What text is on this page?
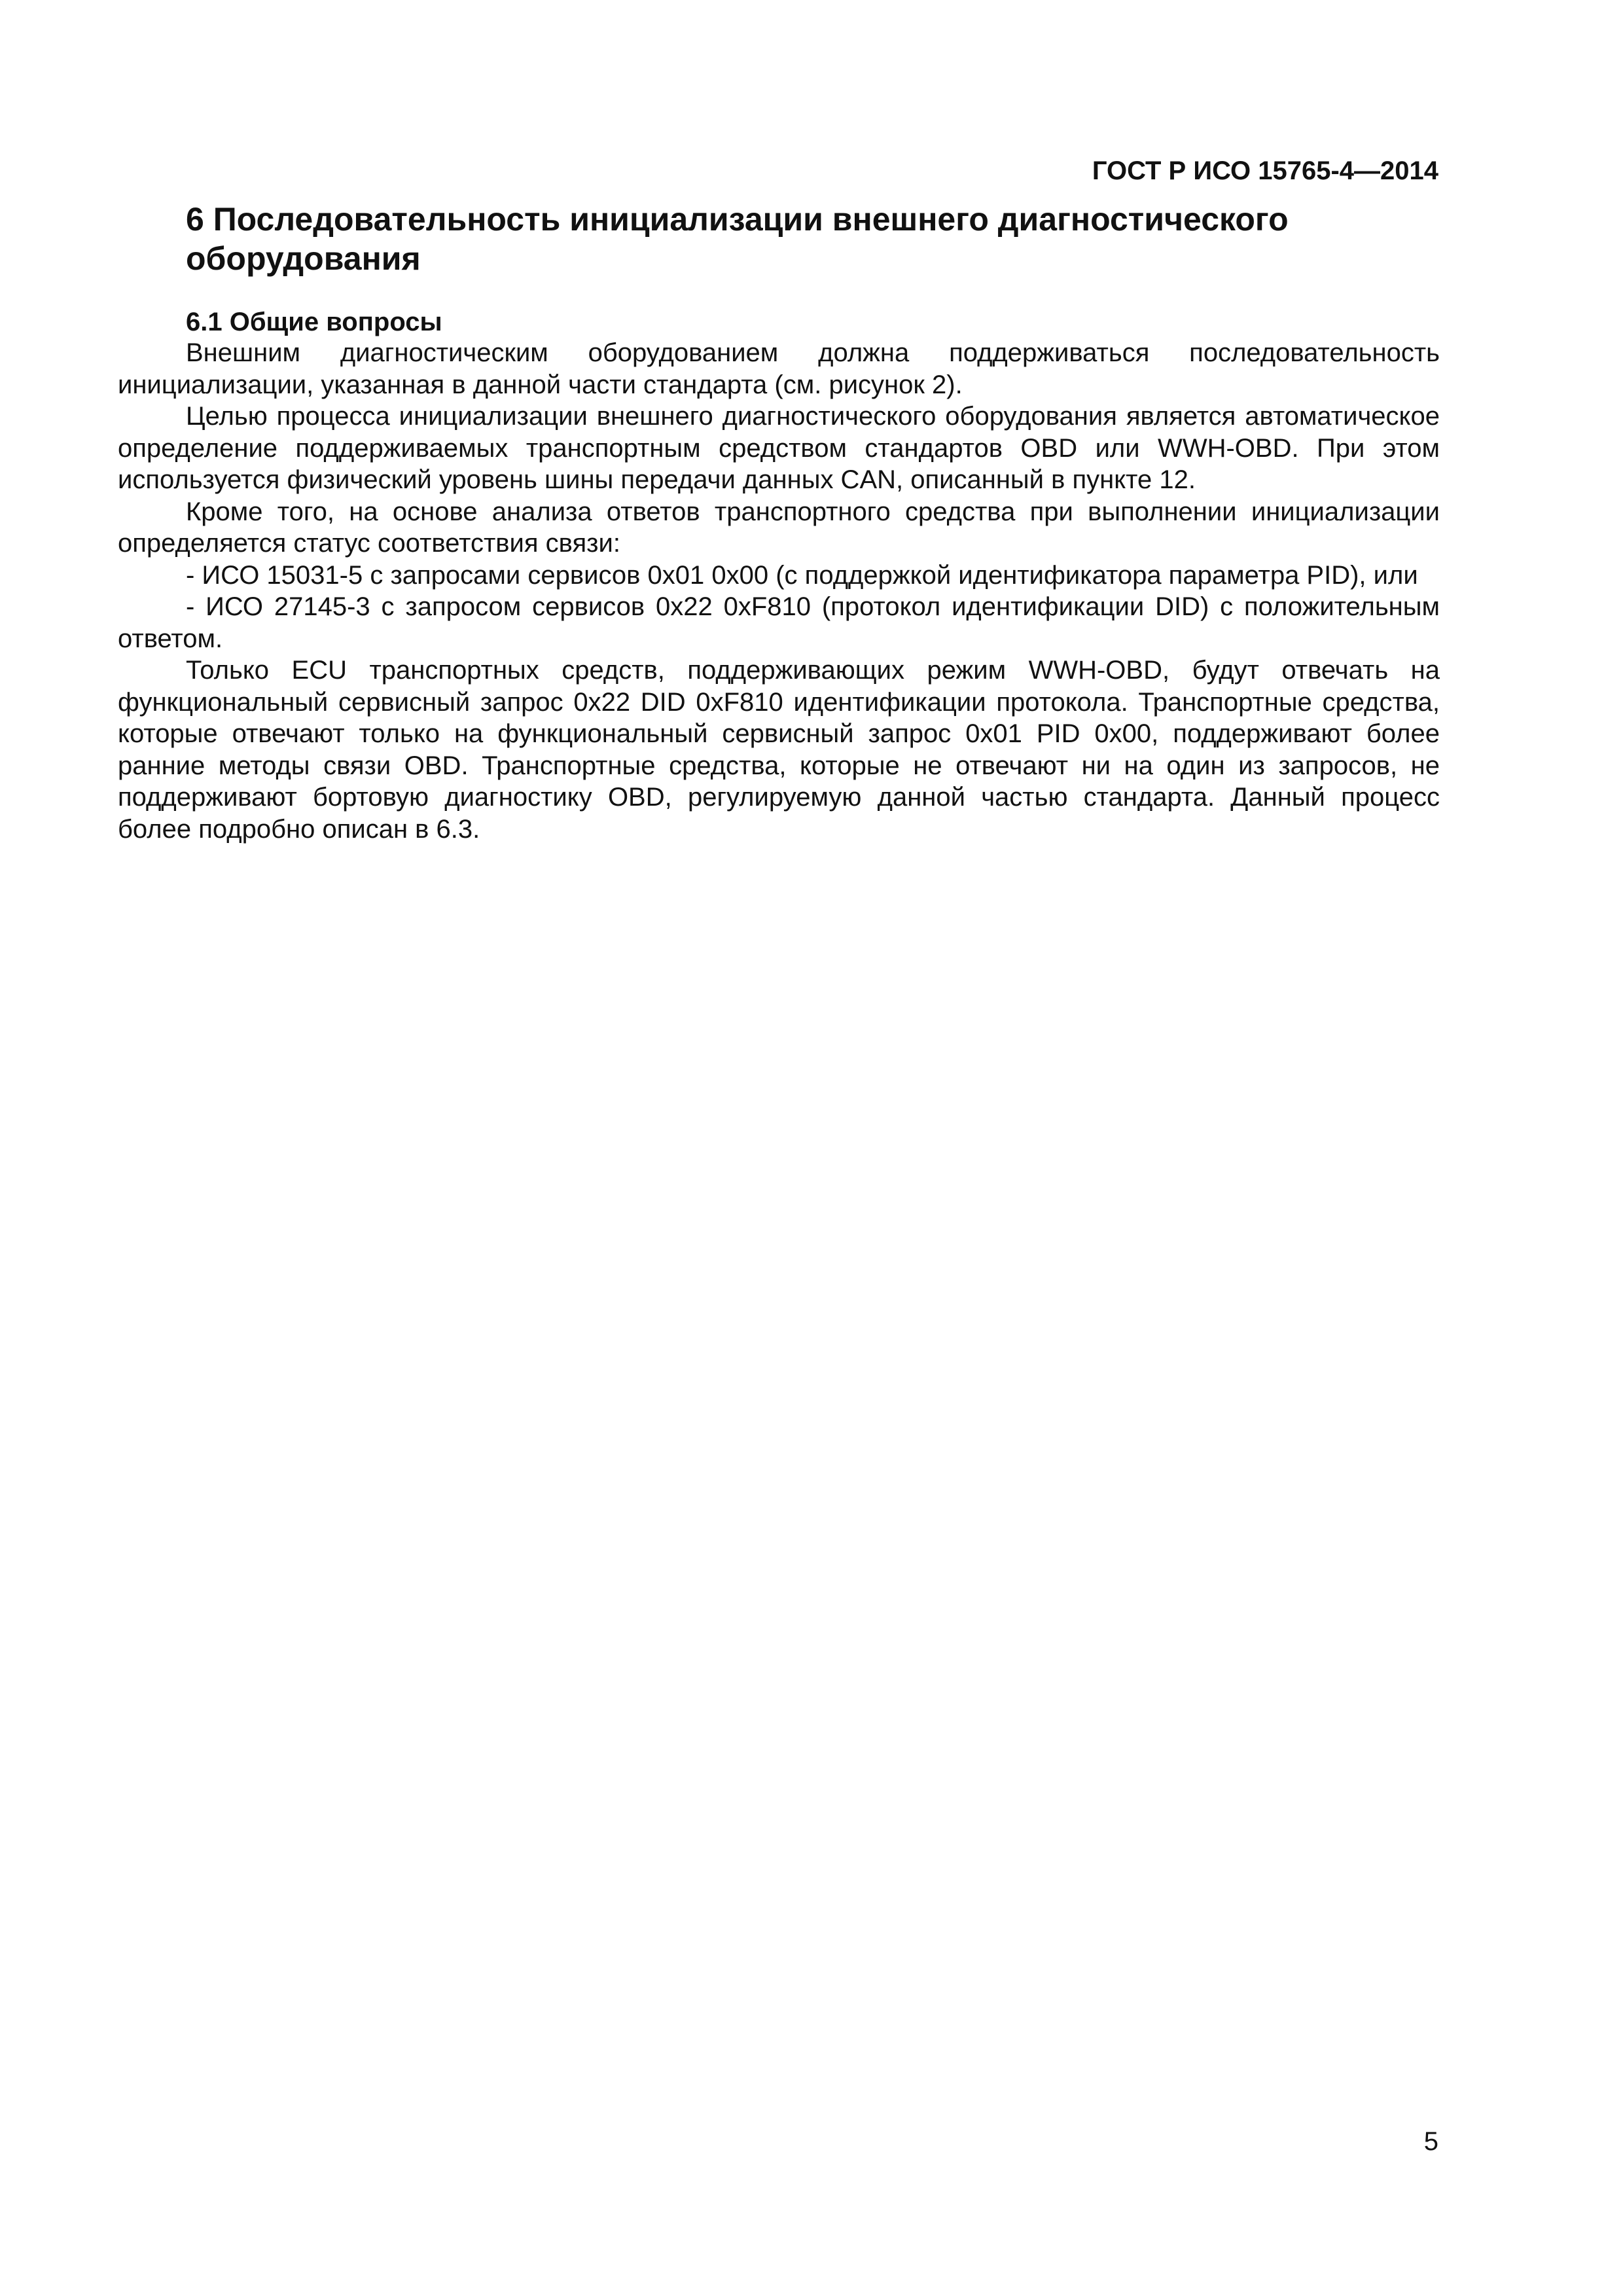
ГОСТ Р ИСО 15765-4—2014
6 Последовательность инициализации внешнего диагностического оборудования
6.1 Общие вопросы

Внешним диагностическим оборудованием должна поддерживаться последовательность инициализации, указанная в данной части стандарта (см. рисунок 2).

Целью процесса инициализации внешнего диагностического оборудования является автоматическое определение поддерживаемых транспортным средством стандартов OBD или WWH-OBD. При этом используется физический уровень шины передачи данных CAN, описанный в пункте 12.

Кроме того, на основе анализа ответов транспортного средства при выполнении инициализации определяется статус соответствия связи:

- ИСО 15031-5 с запросами сервисов 0x01 0x00 (с поддержкой идентификатора параметра PID), или

- ИСО 27145-3 с запросом сервисов 0x22 0xF810 (протокол идентификации DID) с положительным ответом.

Только ECU транспортных средств, поддерживающих режим WWH-OBD, будут отвечать на функциональный сервисный запрос 0x22 DID 0xF810 идентификации протокола. Транспортные средства, которые отвечают только на функциональный сервисный запрос 0x01 PID 0x00, поддерживают более ранние методы связи OBD. Транспортные средства, которые не отвечают ни на один из запросов, не поддерживают бортовую диагностику OBD, регулируемую данной частью стандарта. Данный процесс более подробно описан в 6.3.

5
